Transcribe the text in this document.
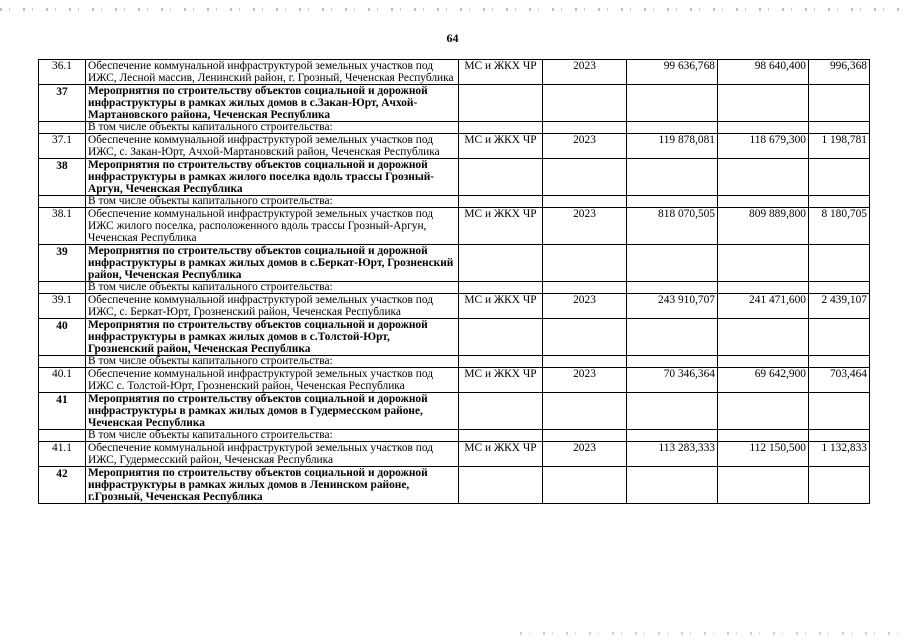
64
36.1	Обеспечение коммунальной инфраструктурой земельных участков под ИЖС, Лесной массив, Ленинский район, г. Грозный, Чеченская Республика	МС и ЖКХ ЧР	2023	99 636,768	98 640,400	996,368
37	Мероприятия по строительству объектов социальной и дорожной инфраструктуры в рамках жилых домов в с.Закан-Юрт, Ачхой-Мартановского района, Чеченская Республика					
	В том числе объекты капитального строительства:					
37.1	Обеспечение коммунальной инфраструктурой земельных участков под ИЖС, с. Закан-Юрт, Ачхой-Мартановский район, Чеченская Республика	МС и ЖКХ ЧР	2023	119 878,081	118 679,300	1 198,781
38	Мероприятия по строительству объектов социальной и дорожной инфраструктуры в рамках жилого поселка вдоль трассы Грозный-Аргун, Чеченская Республика					
	В том числе объекты капитального строительства:					
38.1	Обеспечение коммунальной инфраструктурой земельных участков под ИЖС жилого поселка, расположенного вдоль трассы Грозный-Аргун, Чеченская Республика	МС и ЖКХ ЧР	2023	818 070,505	809 889,800	8 180,705
39	Мероприятия по строительству объектов социальной и дорожной инфраструктуры в рамках жилых домов в с.Беркат-Юрт, Грозненский район, Чеченская Республика					
	В том числе объекты капитального строительства:					
39.1	Обеспечение коммунальной инфраструктурой земельных участков под ИЖС, с. Беркат-Юрт, Грозненский район, Чеченская Республика	МС и ЖКХ ЧР	2023	243 910,707	241 471,600	2 439,107
40	Мероприятия по строительству объектов социальной и дорожной инфраструктуры в рамках жилых домов в с.Толстой-Юрт, Грозненский район, Чеченская Республика					
	В том числе объекты капитального строительства:					
40.1	Обеспечение коммунальной инфраструктурой земельных участков под ИЖС с. Толстой-Юрт, Грозненский район, Чеченская Республика	МС и ЖКХ ЧР	2023	70 346,364	69 642,900	703,464
41	Мероприятия по строительству объектов социальной и дорожной инфраструктуры в рамках жилых домов в Гудермесском районе, Чеченская Республика					
	В том числе объекты капитального строительства:					
41.1	Обеспечение коммунальной инфраструктурой земельных участков под ИЖС, Гудермесский район, Чеченская Республика	МС и ЖКХ ЧР	2023	113 283,333	112 150,500	1 132,833
42	Мероприятия по строительству объектов социальной и дорожной инфраструктуры в рамках жилых домов в Ленинском районе, г.Грозный, Чеченская Республика					
